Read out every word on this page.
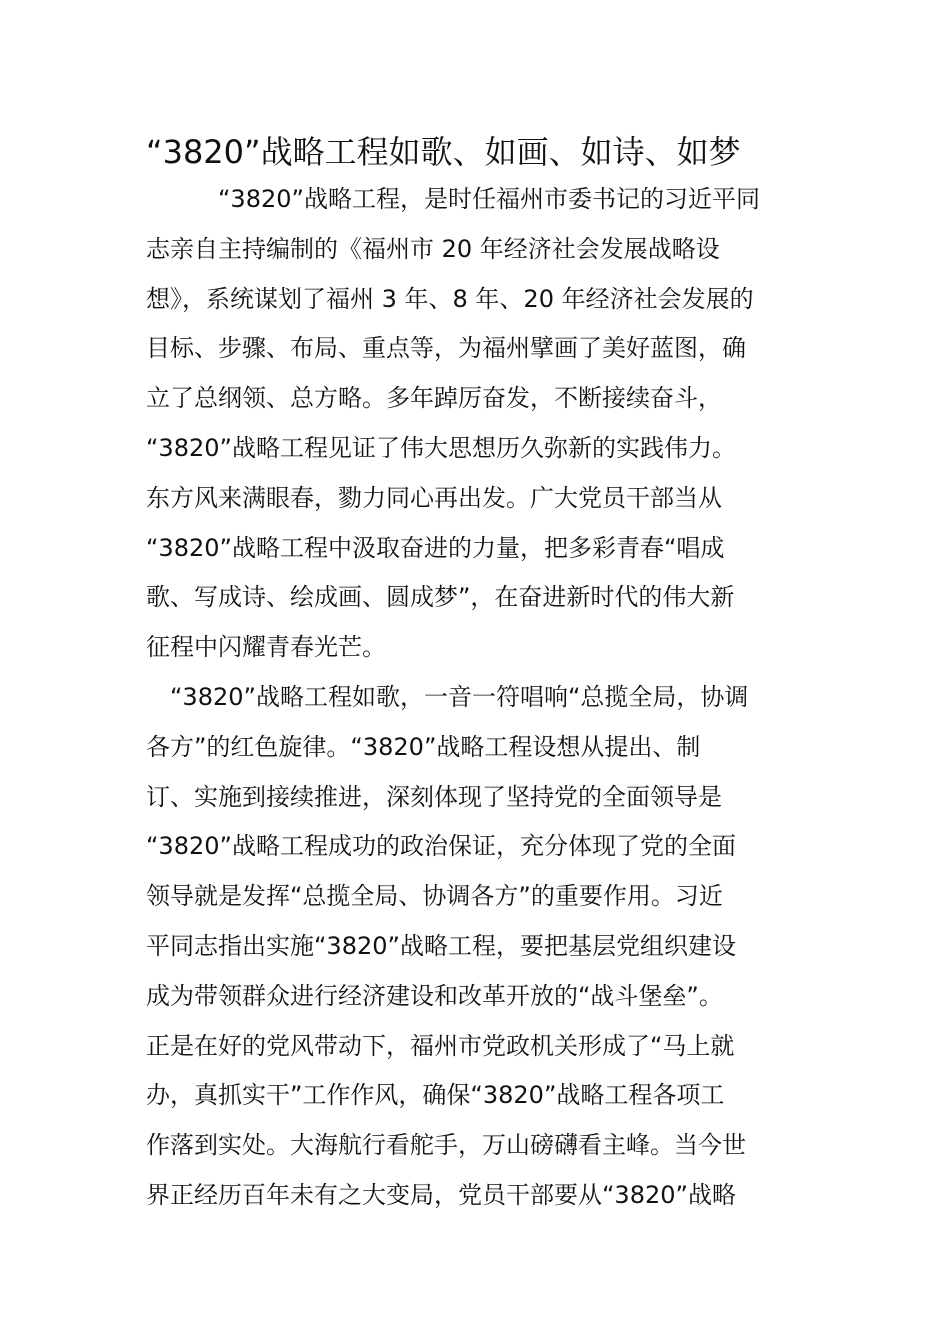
“3820”战略工程如歌、如画、如诗、如梦
“3820”战略工程，是时任福州市委书记的习近平同
志亲自主持编制的《福州市 20 年经济社会发展战略设
想》，系统谋划了福州 3 年、8 年、20 年经济社会发展的
目标、步骤、布局、重点等，为福州擘画了美好蓝图，确
立了总纲领、总方略。多年踔厉奋发，不断接续奋斗，
“3820”战略工程见证了伟大思想历久弥新的实践伟力。
东方风来满眼春，勠力同心再出发。广大党员干部当从
“3820”战略工程中汲取奋进的力量，把多彩青春“唱成
歌、写成诗、绘成画、圆成梦”，在奋进新时代的伟大新
征程中闪耀青春光芒。
“3820”战略工程如歌，一音一符唱响“总揽全局，协调
各方”的红色旋律。“3820”战略工程设想从提出、制
订、实施到接续推进，深刻体现了坚持党的全面领导是
“3820”战略工程成功的政治保证，充分体现了党的全面
领导就是发挥“总揽全局、协调各方”的重要作用。习近
平同志指出实施“3820”战略工程，要把基层党组织建设
成为带领群众进行经济建设和改革开放的“战斗堡垒”。
正是在好的党风带动下，福州市党政机关形成了“马上就
办，真抓实干”工作作风，确保“3820”战略工程各项工
作落到实处。大海航行看舵手，万山磅礴看主峰。当今世
界正经历百年未有之大变局，党员干部要从“3820”战略
